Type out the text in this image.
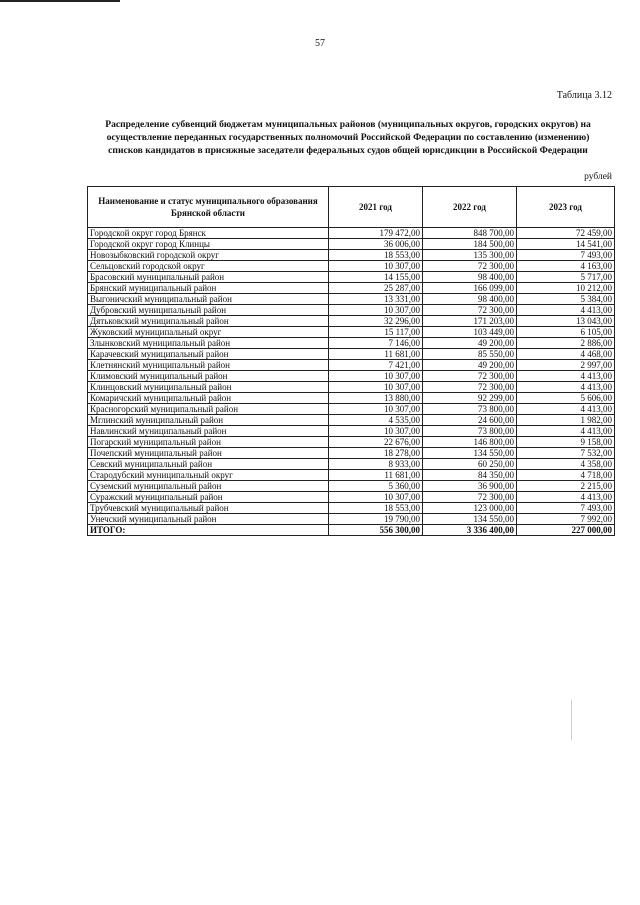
57
Таблица 3.12
Распределение субвенций бюджетам муниципальных районов (муниципальных округов, городских округов) на
осуществление переданных государственных полномочий Российской Федерации по составлению (изменению)
списков кандидатов в присяжные заседатели федеральных судов общей юрисдикции в Российской Федерации
рублей
Наименование и статус муниципального образования Брянской области	2021 год	2022 год	2023 год
Городской округ город Брянск	179 472,00	848 700,00	72 459,00
Городской округ город Клинцы	36 006,00	184 500,00	14 541,00
Новозыбковский городской округ	18 553,00	135 300,00	7 493,00
Сельцовский городской округ	10 307,00	72 300,00	4 163,00
Брасовский муниципальный район	14 155,00	98 400,00	5 717,00
Брянский муниципальный район	25 287,00	166 099,00	10 212,00
Выгоничский муниципальный район	13 331,00	98 400,00	5 384,00
Дубровский муниципальный район	10 307,00	72 300,00	4 413,00
Дятьковский муниципальный район	32 296,00	171 203,00	13 043,00
Жуковский муниципальный округ	15 117,00	103 449,00	6 105,00
Злынковский муниципальный район	7 146,00	49 200,00	2 886,00
Карачевский муниципальный район	11 681,00	85 550,00	4 468,00
Клетнянский муниципальный район	7 421,00	49 200,00	2 997,00
Климовский муниципальный район	10 307,00	72 300,00	4 413,00
Клинцовский муниципальный район	10 307,00	72 300,00	4 413,00
Комаричский муниципальный район	13 880,00	92 299,00	5 606,00
Красногорский муниципальный район	10 307,00	73 800,00	4 413,00
Мглинский муниципальный район	4 535,00	24 600,00	1 982,00
Навлинский муниципальный район	10 307,00	73 800,00	4 413,00
Погарский муниципальный район	22 676,00	146 800,00	9 158,00
Почепский муниципальный район	18 278,00	134 550,00	7 532,00
Севский муниципальный район	8 933,00	60 250,00	4 358,00
Стародубский муниципальный округ	11 681,00	84 350,00	4 718,00
Суземский муниципальный район	5 360,00	36 900,00	2 215,00
Суражский муниципальный район	10 307,00	72 300,00	4 413,00
Трубчевский муниципальный район	18 553,00	123 000,00	7 493,00
Унечский муниципальный район	19 790,00	134 550,00	7 992,00
ИТОГО:	556 300,00	3 336 400,00	227 000,00
